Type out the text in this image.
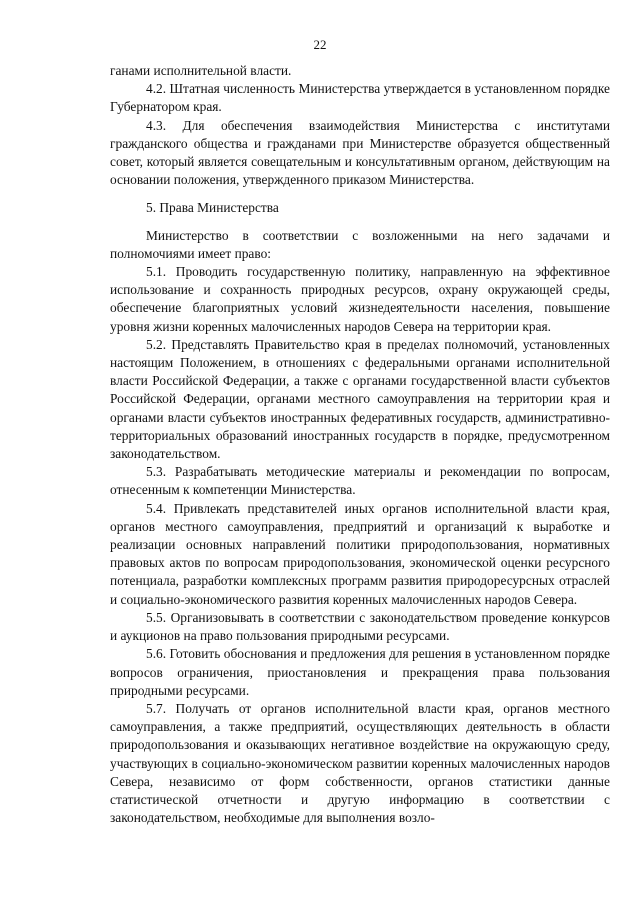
22

ганами исполнительной власти.

4.2. Штатная численность Министерства утверждается в установленном порядке Губернатором края.

4.3. Для обеспечения взаимодействия Министерства с институтами гражданского общества и гражданами при Министерстве образуется общественный совет, который является совещательным и консультативным органом, действующим на основании положения, утвержденного приказом Министерства.

5. Права Министерства

Министерство в соответствии с возложенными на него задачами и полномочиями имеет право:

5.1. Проводить государственную политику, направленную на эффективное использование и сохранность природных ресурсов, охрану окружающей среды, обеспечение благоприятных условий жизнедеятельности населения, повышение уровня жизни коренных малочисленных народов Севера на территории края.

5.2. Представлять Правительство края в пределах полномочий, установленных настоящим Положением, в отношениях с федеральными органами исполнительной власти Российской Федерации, а также с органами государственной власти субъектов Российской Федерации, органами местного самоуправления на территории края и органами власти субъектов иностранных федеративных государств, административно-территориальных образований иностранных государств в порядке, предусмотренном законодательством.

5.3. Разрабатывать методические материалы и рекомендации по вопросам, отнесенным к компетенции Министерства.

5.4. Привлекать представителей иных органов исполнительной власти края, органов местного самоуправления, предприятий и организаций к выработке и реализации основных направлений политики природопользования, нормативных правовых актов по вопросам природопользования, экономической оценки ресурсного потенциала, разработки комплексных программ развития природоресурсных отраслей и социально-экономического развития коренных малочисленных народов Севера.

5.5. Организовывать в соответствии с законодательством проведение конкурсов и аукционов на право пользования природными ресурсами.

5.6. Готовить обоснования и предложения для решения в установленном порядке вопросов ограничения, приостановления и прекращения права пользования природными ресурсами.

5.7. Получать от органов исполнительной власти края, органов местного самоуправления, а также предприятий, осуществляющих деятельность в области природопользования и оказывающих негативное воздействие на окружающую среду, участвующих в социально-экономическом развитии коренных малочисленных народов Севера, независимо от форм собственности, органов статистики данные статистической отчетности и другую информацию в соответствии с законодательством, необходимые для выполнения возло-
